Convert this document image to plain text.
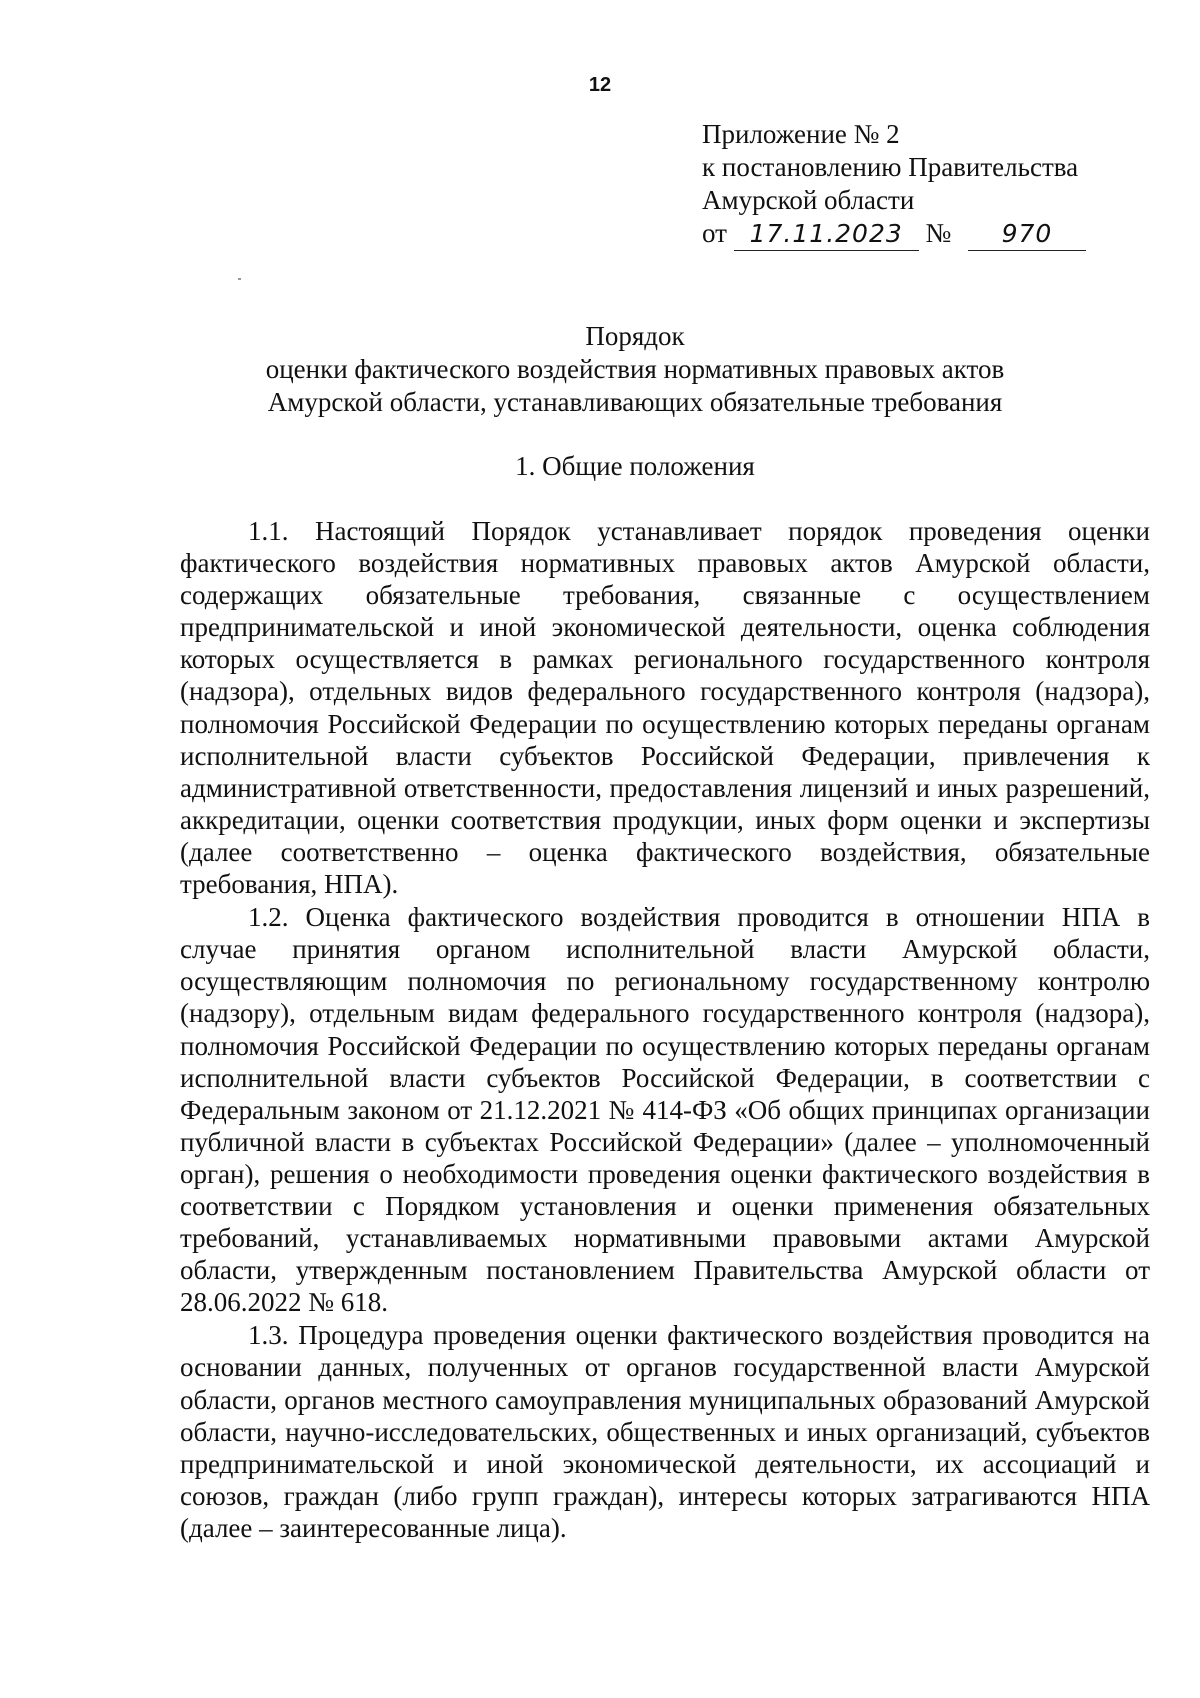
12
Приложение № 2
к постановлению Правительства
Амурской области
от 17.11.2023 № 970
Порядок
оценки фактического воздействия нормативных правовых актов
Амурской области, устанавливающих обязательные требования
1. Общие положения

1.1. Настоящий Порядок устанавливает порядок проведения оценки фактического воздействия нормативных правовых актов Амурской области, содержащих обязательные требования, связанные с осуществлением предпринимательской и иной экономической деятельности, оценка соблюдения которых осуществляется в рамках регионального государственного контроля (надзора), отдельных видов федерального государственного контроля (надзора), полномочия Российской Федерации по осуществлению которых переданы органам исполнительной власти субъектов Российской Федерации, привлечения к административной ответственности, предоставления лицензий и иных разрешений, аккредитации, оценки соответствия продукции, иных форм оценки и экспертизы (далее соответственно – оценка фактического воздействия, обязательные требования, НПА).

1.2. Оценка фактического воздействия проводится в отношении НПА в случае принятия органом исполнительной власти Амурской области, осуществляющим полномочия по региональному государственному контролю (надзору), отдельным видам федерального государственного контроля (надзора), полномочия Российской Федерации по осуществлению которых переданы органам исполнительной власти субъектов Российской Федерации, в соответствии с Федеральным законом от 21.12.2021 № 414-ФЗ «Об общих принципах организации публичной власти в субъектах Российской Федерации» (далее – уполномоченный орган), решения о необходимости проведения оценки фактического воздействия в соответствии с Порядком установления и оценки применения обязательных требований, устанавливаемых нормативными правовыми актами Амурской области, утвержденным постановлением Правительства Амурской области от 28.06.2022 № 618.

1.3. Процедура проведения оценки фактического воздействия проводится на основании данных, полученных от органов государственной власти Амурской области, органов местного самоуправления муниципальных образований Амурской области, научно-исследовательских, общественных и иных организаций, субъектов предпринимательской и иной экономической деятельности, их ассоциаций и союзов, граждан (либо групп граждан), интересы которых затрагиваются НПА (далее – заинтересованные лица).
